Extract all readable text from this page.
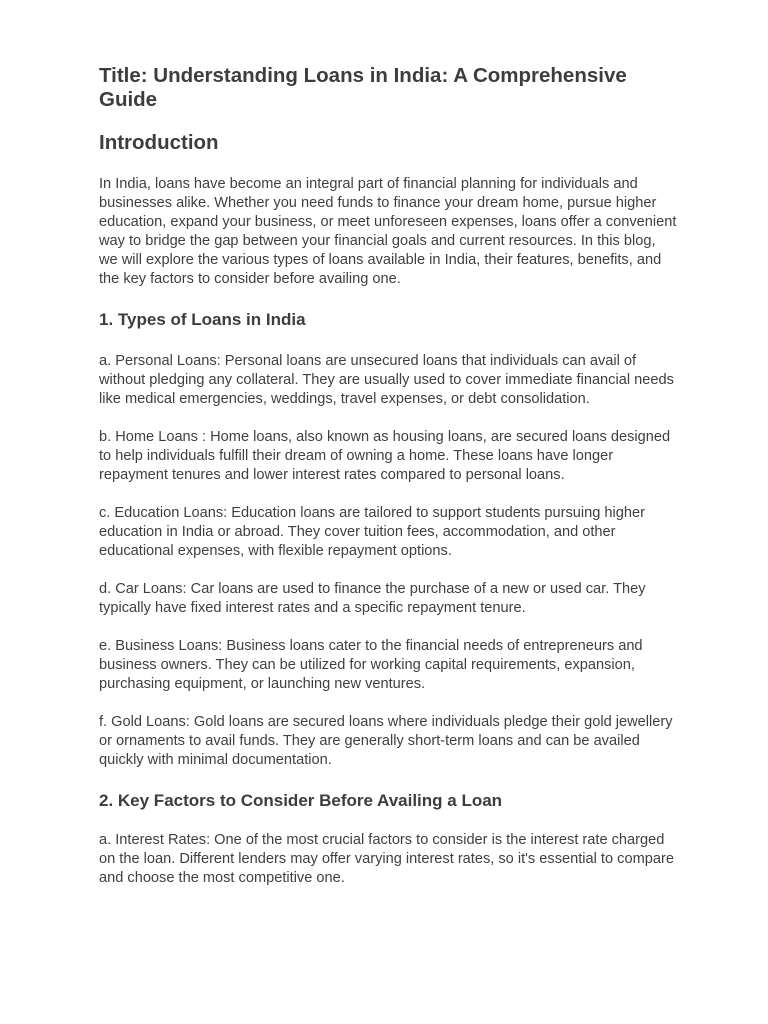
Title: Understanding Loans in India: A Comprehensive Guide
Introduction

In India, loans have become an integral part of financial planning for individuals and businesses alike. Whether you need funds to finance your dream home, pursue higher education, expand your business, or meet unforeseen expenses, loans offer a convenient way to bridge the gap between your financial goals and current resources. In this blog, we will explore the various types of loans available in India, their features, benefits, and the key factors to consider before availing one.

1. Types of Loans in India

a. Personal Loans: Personal loans are unsecured loans that individuals can avail of without pledging any collateral. They are usually used to cover immediate financial needs like medical emergencies, weddings, travel expenses, or debt consolidation.

b. Home Loans : Home loans, also known as housing loans, are secured loans designed to help individuals fulfill their dream of owning a home. These loans have longer repayment tenures and lower interest rates compared to personal loans.

c. Education Loans: Education loans are tailored to support students pursuing higher education in India or abroad. They cover tuition fees, accommodation, and other educational expenses, with flexible repayment options.

d. Car Loans: Car loans are used to finance the purchase of a new or used car. They typically have fixed interest rates and a specific repayment tenure.

e. Business Loans: Business loans cater to the financial needs of entrepreneurs and business owners. They can be utilized for working capital requirements, expansion, purchasing equipment, or launching new ventures.

f. Gold Loans: Gold loans are secured loans where individuals pledge their gold jewellery or ornaments to avail funds. They are generally short-term loans and can be availed quickly with minimal documentation.

2. Key Factors to Consider Before Availing a Loan

a. Interest Rates: One of the most crucial factors to consider is the interest rate charged on the loan. Different lenders may offer varying interest rates, so it's essential to compare and choose the most competitive one.
